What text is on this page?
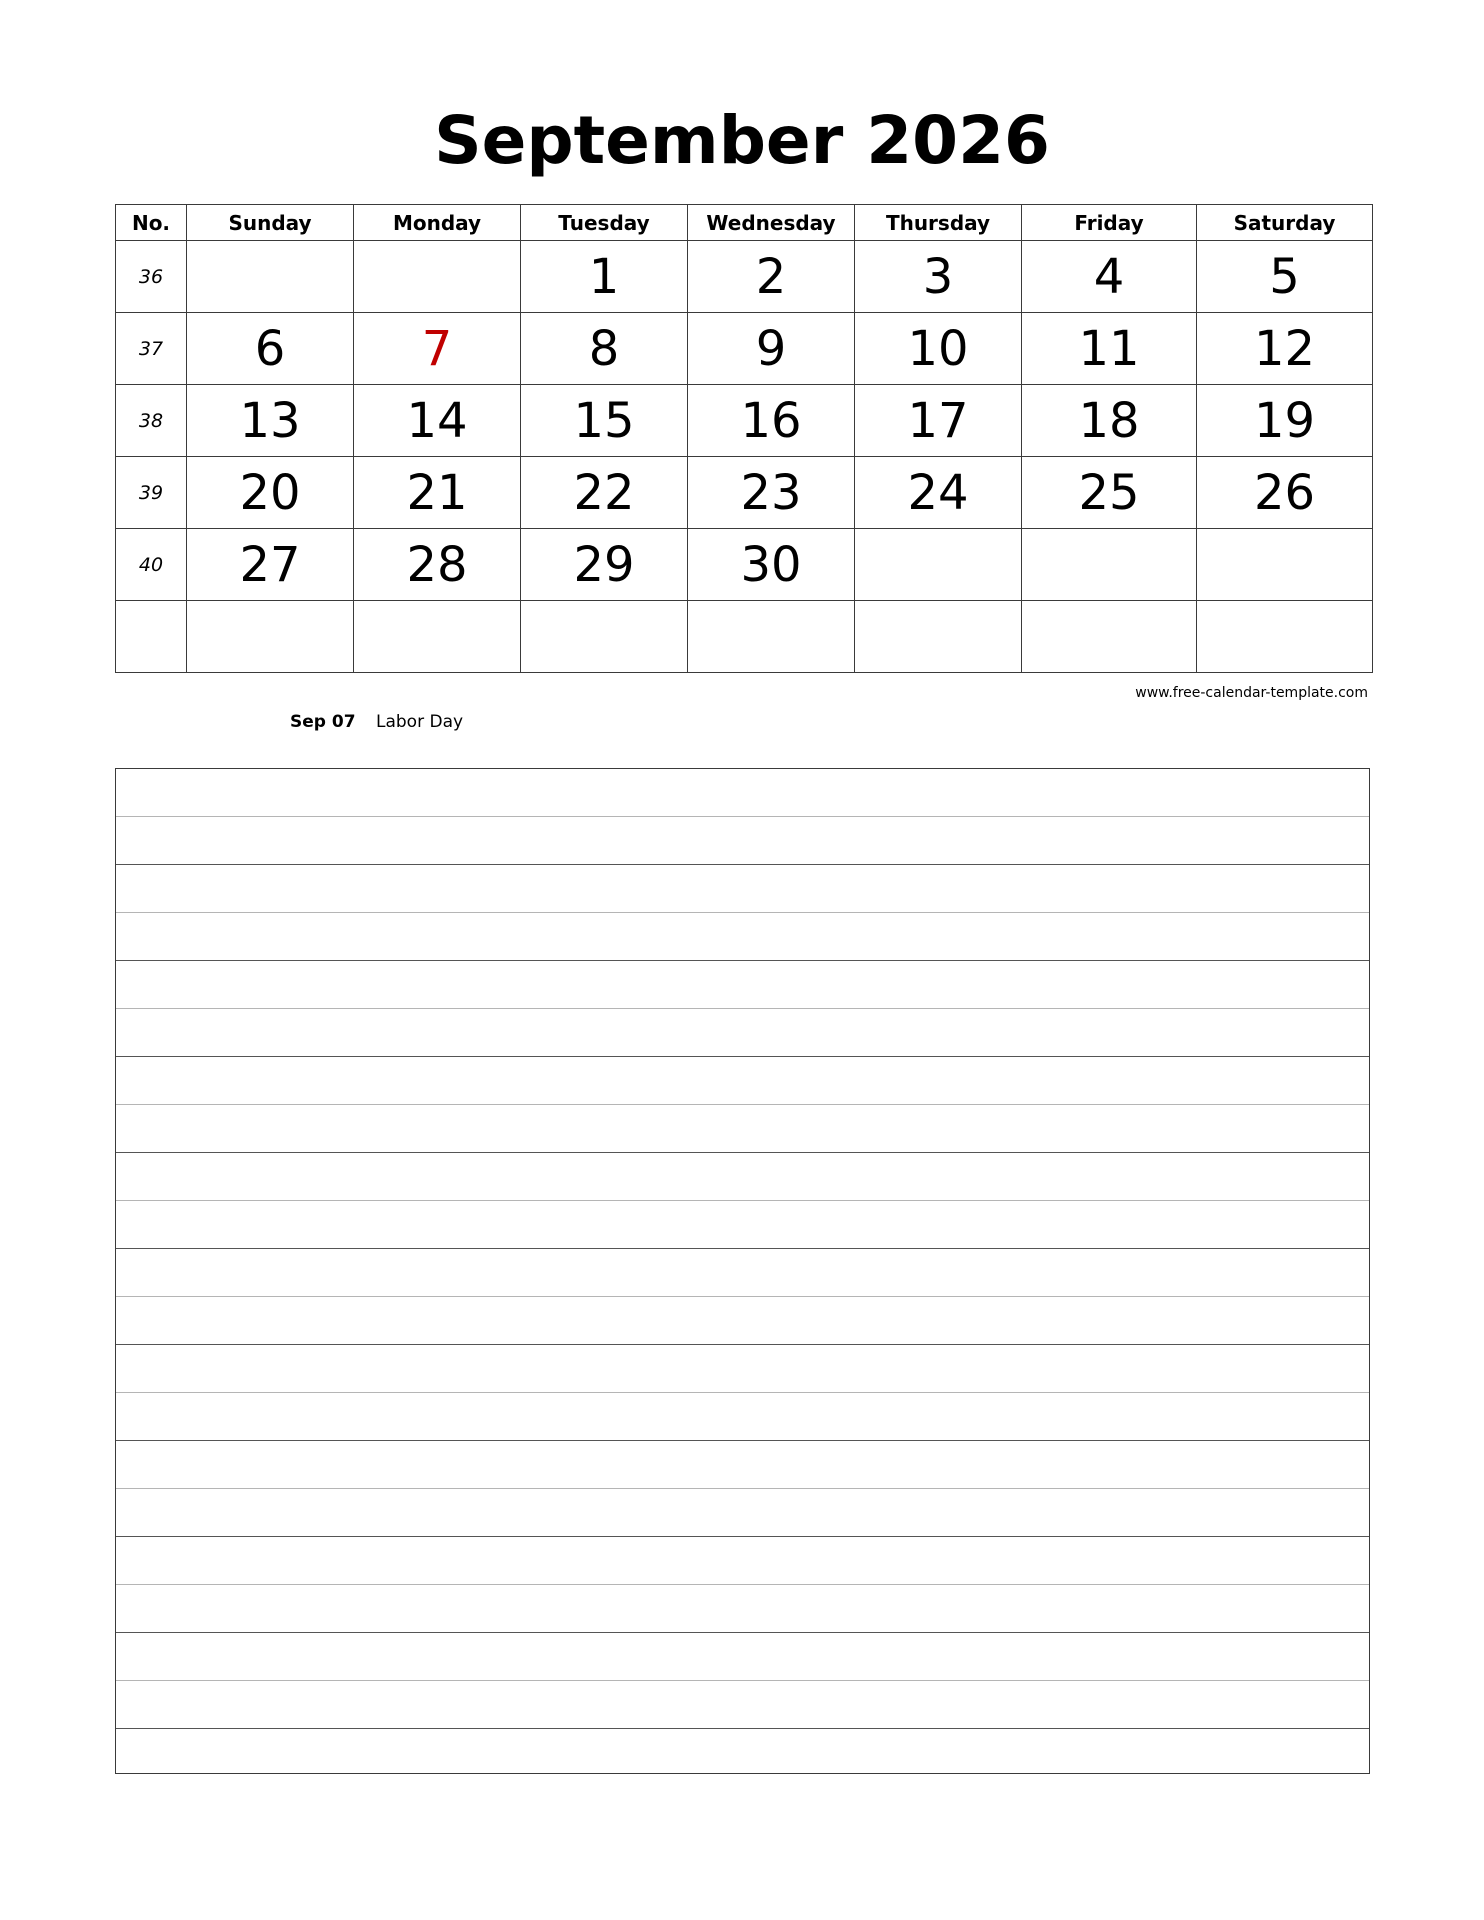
September 2026
No.	Sunday	Monday	Tuesday	Wednesday	Thursday	Friday	Saturday
36			1	2	3	4	5
37	6	7	8	9	10	11	12
38	13	14	15	16	17	18	19
39	20	21	22	23	24	25	26
40	27	28	29	30			

www.free-calendar-template.com
Sep 07 Labor Day
